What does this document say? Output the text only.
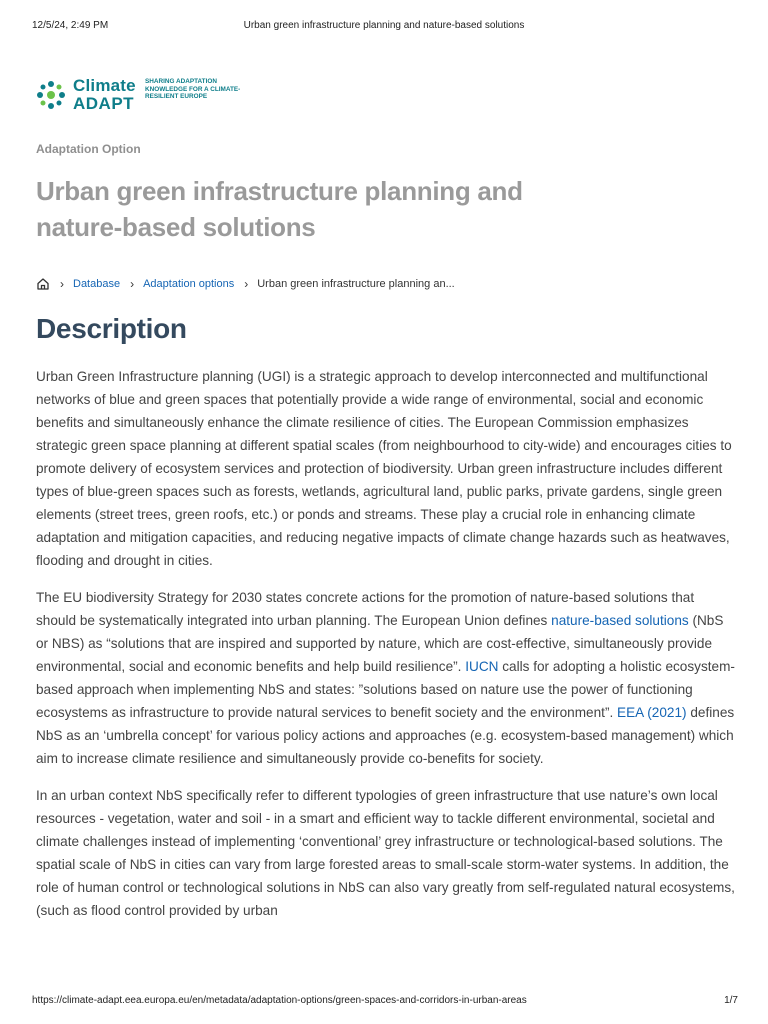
12/5/24, 2:49 PM	Urban green infrastructure planning and nature-based solutions
Climate
ADAPT
SHARING ADAPTATION KNOWLEDGE FOR A CLIMATE-RESILIENT EUROPE
Adaptation Option
Urban green infrastructure planning and nature-based solutions
› Database › Adaptation options › Urban green infrastructure planning an...
Description

Urban Green Infrastructure planning (UGI) is a strategic approach to develop interconnected and multifunctional networks of blue and green spaces that potentially provide a wide range of environmental, social and economic benefits and simultaneously enhance the climate resilience of cities. The European Commission emphasizes strategic green space planning at different spatial scales (from neighbourhood to city-wide) and encourages cities to promote delivery of ecosystem services and protection of biodiversity. Urban green infrastructure includes different types of blue-green spaces such as forests, wetlands, agricultural land, public parks, private gardens, single green elements (street trees, green roofs, etc.) or ponds and streams. These play a crucial role in enhancing climate adaptation and mitigation capacities, and reducing negative impacts of climate change hazards such as heatwaves, flooding and drought in cities.

The EU biodiversity Strategy for 2030 states concrete actions for the promotion of nature-based solutions that should be systematically integrated into urban planning. The European Union defines nature-based solutions (NbS or NBS) as “solutions that are inspired and supported by nature, which are cost-effective, simultaneously provide environmental, social and economic benefits and help build resilience”. IUCN calls for adopting a holistic ecosystem-based approach when implementing NbS and states: ”solutions based on nature use the power of functioning ecosystems as infrastructure to provide natural services to benefit society and the environment”. EEA (2021) defines NbS as an ‘umbrella concept’ for various policy actions and approaches (e.g. ecosystem-based management) which aim to increase climate resilience and simultaneously provide co-benefits for society.

In an urban context NbS specifically refer to different typologies of green infrastructure that use nature’s own local resources - vegetation, water and soil - in a smart and efficient way to tackle different environmental, societal and climate challenges instead of implementing ‘conventional’ grey infrastructure or technological-based solutions. The spatial scale of NbS in cities can vary from large forested areas to small-scale storm-water systems. In addition, the role of human control or technological solutions in NbS can also vary greatly from self-regulated natural ecosystems, (such as flood control provided by urban

https://climate-adapt.eea.europa.eu/en/metadata/adaptation-options/green-spaces-and-corridors-in-urban-areas	1/7
